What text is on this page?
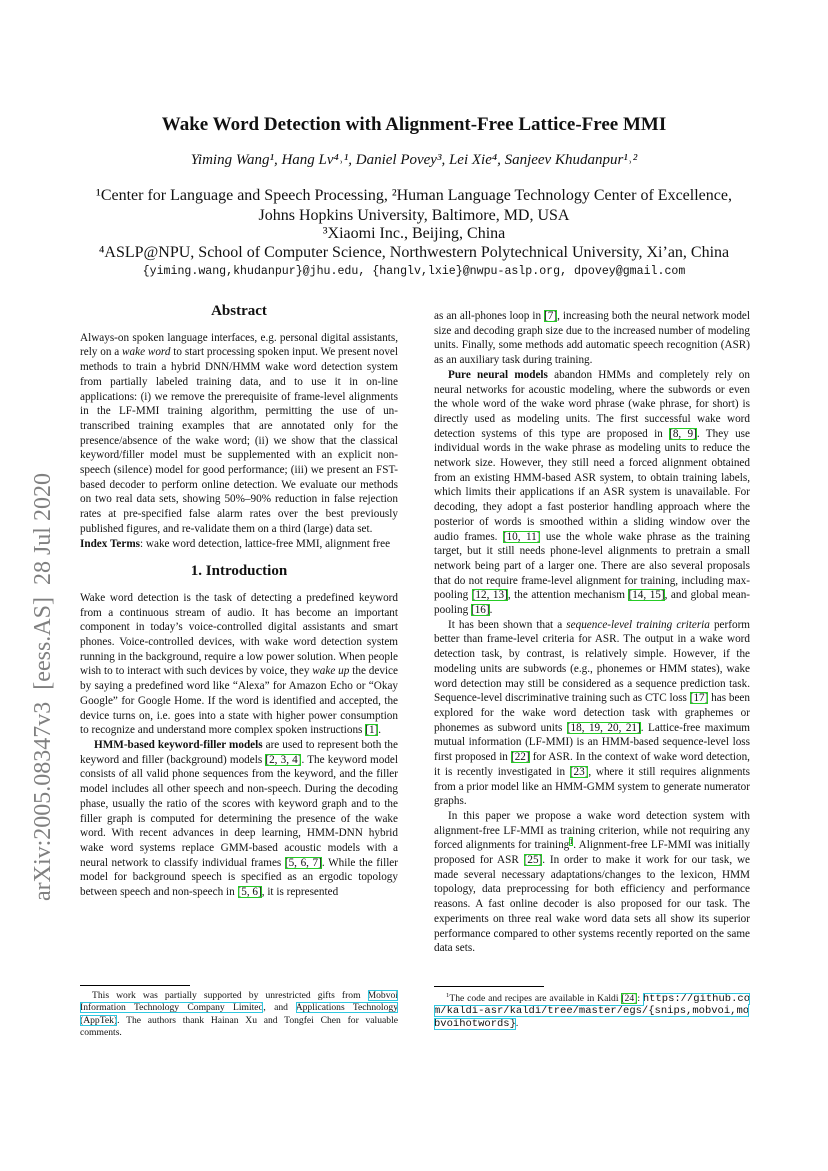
arXiv:2005.08347v3  [eess.AS]  28 Jul 2020
Wake Word Detection with Alignment-Free Lattice-Free MMI
Yiming Wang¹, Hang Lv⁴˒¹, Daniel Povey³, Lei Xie⁴, Sanjeev Khudanpur¹˒²
¹Center for Language and Speech Processing, ²Human Language Technology Center of Excellence,
Johns Hopkins University, Baltimore, MD, USA
³Xiaomi Inc., Beijing, China
⁴ASLP@NPU, School of Computer Science, Northwestern Polytechnical University, Xi’an, China
{yiming.wang,khudanpur}@jhu.edu, {hanglv,lxie}@nwpu-aslp.org, dpovey@gmail.com
Abstract

Always-on spoken language interfaces, e.g. personal digital assistants, rely on a wake word to start processing spoken input. We present novel methods to train a hybrid DNN/HMM wake word detection system from partially labeled training data, and to use it in on-line applications: (i) we remove the prerequisite of frame-level alignments in the LF-MMI training algorithm, permitting the use of un-transcribed training examples that are annotated only for the presence/absence of the wake word; (ii) we show that the classical keyword/filler model must be supplemented with an explicit non-speech (silence) model for good performance; (iii) we present an FST-based decoder to perform online detection. We evaluate our methods on two real data sets, showing 50%–90% reduction in false rejection rates at pre-specified false alarm rates over the best previously published figures, and re-validate them on a third (large) data set.

Index Terms: wake word detection, lattice-free MMI, alignment free

1. Introduction

Wake word detection is the task of detecting a predefined keyword from a continuous stream of audio. It has become an important component in today’s voice-controlled digital assistants and smart phones. Voice-controlled devices, with wake word detection system running in the background, require a low power solution. When people wish to to interact with such devices by voice, they wake up the device by saying a predefined word like “Alexa” for Amazon Echo or “Okay Google” for Google Home. If the word is identified and accepted, the device turns on, i.e. goes into a state with higher power consumption to recognize and understand more complex spoken instructions [1].

HMM-based keyword-filler models are used to represent both the keyword and filler (background) models [2, 3, 4]. The keyword model consists of all valid phone sequences from the keyword, and the filler model includes all other speech and non-speech. During the decoding phase, usually the ratio of the scores with keyword graph and to the filler graph is computed for determining the presence of the wake word. With recent advances in deep learning, HMM-DNN hybrid wake word systems replace GMM-based acoustic models with a neural network to classify individual frames [5, 6, 7]. While the filler model for background speech is specified as an ergodic topology between speech and non-speech in [5, 6], it is represented

This work was partially supported by unrestricted gifts from Mobvoi Information Technology Company Limited, and Applications Technology (AppTek). The authors thank Hainan Xu and Tongfei Chen for valuable comments.

as an all-phones loop in [7], increasing both the neural network model size and decoding graph size due to the increased number of modeling units. Finally, some methods add automatic speech recognition (ASR) as an auxiliary task during training.

Pure neural models abandon HMMs and completely rely on neural networks for acoustic modeling, where the subwords or even the whole word of the wake word phrase (wake phrase, for short) is directly used as modeling units. The first successful wake word detection systems of this type are proposed in [8, 9]. They use individual words in the wake phrase as modeling units to reduce the network size. However, they still need a forced alignment obtained from an existing HMM-based ASR system, to obtain training labels, which limits their applications if an ASR system is unavailable. For decoding, they adopt a fast posterior handling approach where the posterior of words is smoothed within a sliding window over the audio frames. [10, 11] use the whole wake phrase as the training target, but it still needs phone-level alignments to pretrain a small network being part of a larger one. There are also several proposals that do not require frame-level alignment for training, including max-pooling [12, 13], the attention mechanism [14, 15], and global mean-pooling [16].

It has been shown that a sequence-level training criteria perform better than frame-level criteria for ASR. The output in a wake word detection task, by contrast, is relatively simple. However, if the modeling units are subwords (e.g., phonemes or HMM states), wake word detection may still be considered as a sequence prediction task. Sequence-level discriminative training such as CTC loss [17] has been explored for the wake word detection task with graphemes or phonemes as subword units [18, 19, 20, 21]. Lattice-free maximum mutual information (LF-MMI) is an HMM-based sequence-level loss first proposed in [22] for ASR. In the context of wake word detection, it is recently investigated in [23], where it still requires alignments from a prior model like an HMM-GMM system to generate numerator graphs.

In this paper we propose a wake word detection system with alignment-free LF-MMI as training criterion, while not requiring any forced alignments for training$^1$. Alignment-free LF-MMI was initially proposed for ASR [25]. In order to make it work for our task, we made several necessary adaptations/changes to the lexicon, HMM topology, data preprocessing for both efficiency and performance reasons. A fast online decoder is also proposed for our task. The experiments on three real wake word data sets all show its superior performance compared to other systems recently reported on the same data sets.

$^1$The code and recipes are available in Kaldi [24]: https://github.com/kaldi-asr/kaldi/tree/master/egs/{snips,mobvoi,mobvoihotwords}.
